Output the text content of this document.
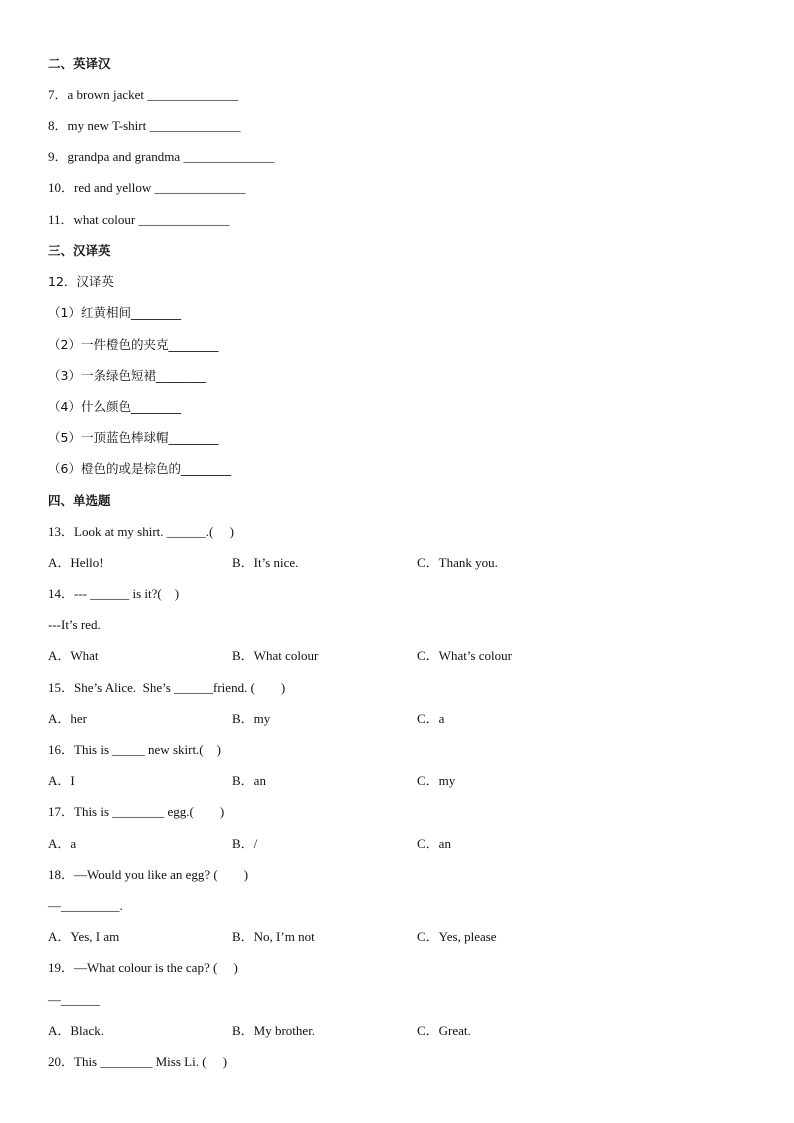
二、英译汉
7．a brown jacket ______________
8．my new T-shirt ______________
9．grandpa and grandma ______________
10．red and yellow ______________
11．what colour ______________
三、汉译英
12．汉译英
（1）红黄相间________
（2）一件橙色的夹克________
（3）一条绿色短裙________
（4）什么颜色________
（5）一顶蓝色棒球帽________
（6）橙色的或是棕色的________
四、单选题
13．Look at my shirt. ______.(　 )
A．Hello!	B．It’s nice.	C．Thank you.
14．--- ______ is it?(　)
---It’s red.
A．What	B．What colour	C．What’s colour
15．She’s Alice.  She’s ______friend. (　　)
A．her	B．my	C．a
16．This is _____ new skirt.(　)
A．I	B．an	C．my
17．This is ________ egg.(　　)
A．a	B．/	C．an
18．—Would you like an egg? (　　)
—_________.
A．Yes, I am	B．No, I’m not	C．Yes, please
19．—What colour is the cap? (　 )
—______
A．Black.	B．My brother.	C．Great.
20．This ________ Miss Li. (　 )
